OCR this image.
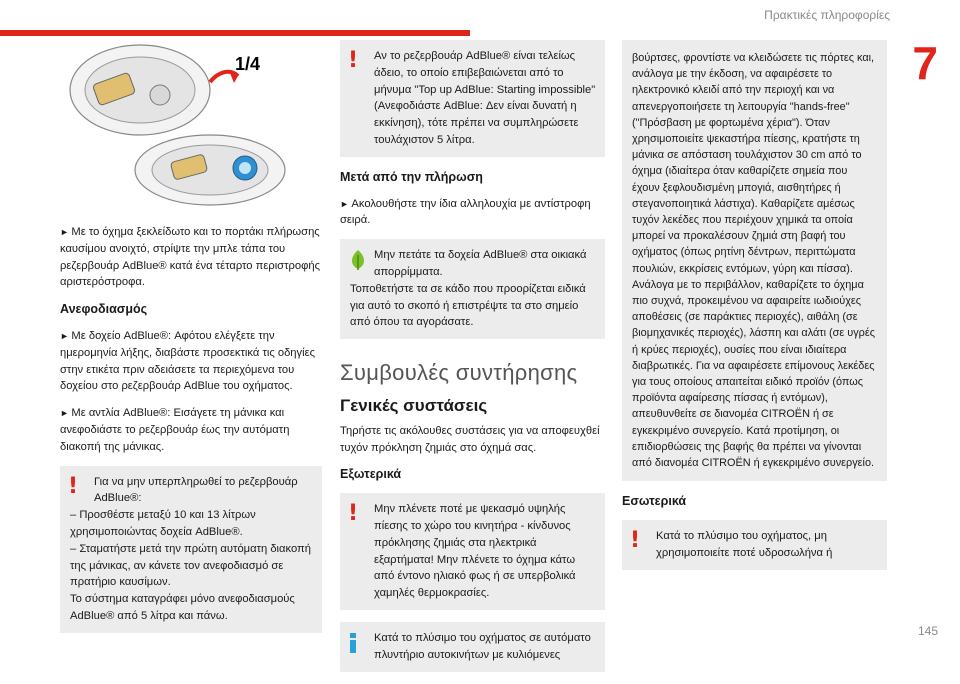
Πρακτικές πληροφορίες
7
145
1/4

► Με το όχημα ξεκλείδωτο και το πορτάκι πλήρωσης καυσίμου ανοιχτό, στρίψτε την μπλε τάπα του ρεζερβουάρ AdBlue® κατά ένα τέταρτο περιστροφής αριστερόστροφα.

Ανεφοδιασμός

► Με δοχείο AdBlue®: Αφότου ελέγξετε την ημερομηνία λήξης, διαβάστε προσεκτικά τις οδηγίες στην ετικέτα πριν αδειάσετε τα περιεχόμενα του δοχείου στο ρεζερβουάρ AdBlue του οχήματος.

► Με αντλία AdBlue®: Εισάγετε τη μάνικα και ανεφοδιάστε το ρεζερβουάρ έως την αυτόματη διακοπή της μάνικας.

!	Για να μην υπερπληρωθεί το ρεζερβουάρ AdBlue®:
– Προσθέστε μεταξύ 10 και 13 λίτρων χρησιμοποιώντας δοχεία AdBlue®.
– Σταματήστε μετά την πρώτη αυτόματη διακοπή της μάνικας, αν κάνετε τον ανεφοδιασμό σε πρατήριο καυσίμων.
Το σύστημα καταγράφει μόνο ανεφοδιασμούς AdBlue® από 5 λίτρα και πάνω.
!	Αν το ρεζερβουάρ AdBlue® είναι τελείως άδειο, το οποίο επιβεβαιώνεται από το μήνυμα "Top up AdBlue: Starting impossible" (Ανεφοδιάστε AdBlue: Δεν είναι δυνατή η εκκίνηση), τότε πρέπει να συμπληρώσετε τουλάχιστον 5 λίτρα.
Μετά από την πλήρωση

► Ακολουθήστε την ίδια αλληλουχία με αντίστροφη σειρά.

Μην πετάτε τα δοχεία AdBlue® στα οικιακά απορρίμματα.
Τοποθετήστε τα σε κάδο που προορίζεται ειδικά για αυτό το σκοπό ή επιστρέψτε τα στο σημείο από όπου τα αγοράσατε.
Συμβουλές συντήρησης
Γενικές συστάσεις

Τηρήστε τις ακόλουθες συστάσεις για να αποφευχθεί τυχόν πρόκληση ζημιάς στο όχημά σας.

Εξωτερικά
!	Μην πλένετε ποτέ με ψεκασμό υψηλής πίεσης το χώρο του κινητήρα - κίνδυνος πρόκλησης ζημιάς στα ηλεκτρικά εξαρτήματα! Μην πλένετε το όχημα κάτω από έντονο ηλιακό φως ή σε υπερβολικά χαμηλές θερμοκρασίες.
Κατά το πλύσιμο του οχήματος σε αυτόματο πλυντήριο αυτοκινήτων με κυλιόμενες
βούρτσες, φροντίστε να κλειδώσετε τις πόρτες και, ανάλογα με την έκδοση, να αφαιρέσετε το ηλεκτρονικό κλειδί από την περιοχή και να απενεργοποιήσετε τη λειτουργία "hands-free" ("Πρόσβαση με φορτωμένα χέρια"). Όταν χρησιμοποιείτε ψεκαστήρα πίεσης, κρατήστε τη μάνικα σε απόσταση τουλάχιστον 30 cm από το όχημα (ιδιαίτερα όταν καθαρίζετε σημεία που έχουν ξεφλουδισμένη μπογιά, αισθητήρες ή στεγανοποιητικά λάστιχα). Καθαρίζετε αμέσως τυχόν λεκέδες που περιέχουν χημικά τα οποία μπορεί να προκαλέσουν ζημιά στη βαφή του οχήματος (όπως ρητίνη δέντρων, περιττώματα πουλιών, εκκρίσεις εντόμων, γύρη και πίσσα). Ανάλογα με το περιβάλλον, καθαρίζετε το όχημα πιο συχνά, προκειμένου να αφαιρείτε ιωδιούχες αποθέσεις (σε παράκτιες περιοχές), αιθάλη (σε βιομηχανικές περιοχές), λάσπη και αλάτι (σε υγρές ή κρύες περιοχές), ουσίες που είναι ιδιαίτερα διαβρωτικές. Για να αφαιρέσετε επίμονους λεκέδες για τους οποίους απαιτείται ειδικό προϊόν (όπως προϊόντα αφαίρεσης πίσσας ή εντόμων), απευθυνθείτε σε διανομέα CITROËN ή σε εγκεκριμένο συνεργείο. Κατά προτίμηση, οι επιδιορθώσεις της βαφής θα πρέπει να γίνονται από διανομέα CITROËN ή εγκεκριμένο συνεργείο.
Εσωτερικά
!	Κατά το πλύσιμο του οχήματος, μη χρησιμοποιείτε ποτέ υδροσωλήνα ή
